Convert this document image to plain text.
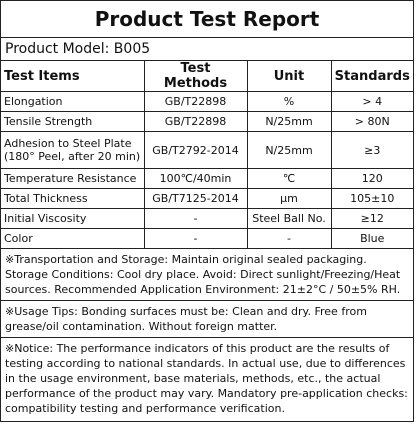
Product Test Report
Product Model: B005
Test Items	Test Methods	Unit	Standards
Elongation	GB/T22898	%	> 4
Tensile Strength	GB/T22898	N/25mm	> 80N
Adhesion to Steel Plate
(180° Peel, after 20 min)	GB/T2792-2014	N/25mm	≥3
Temperature Resistance	100℃/40min	℃	120
Total Thickness	GB/T7125-2014	μm	105±10
Initial Viscosity	-	Steel Ball No.	≥12
Color	-	-	Blue
※Transportation and Storage: Maintain original sealed packaging. Storage Conditions: Cool dry place. Avoid: Direct sunlight/Freezing/Heat sources. Recommended Application Environment: 21±2°C / 50±5% RH.
※Usage Tips: Bonding surfaces must be: Clean and dry. Free from grease/oil contamination. Without foreign matter.
※Notice: The performance indicators of this product are the results of testing according to national standards. In actual use, due to differences in the usage environment, base materials, methods, etc., the actual performance of the product may vary. Mandatory pre-application checks: compatibility testing and performance verification.
